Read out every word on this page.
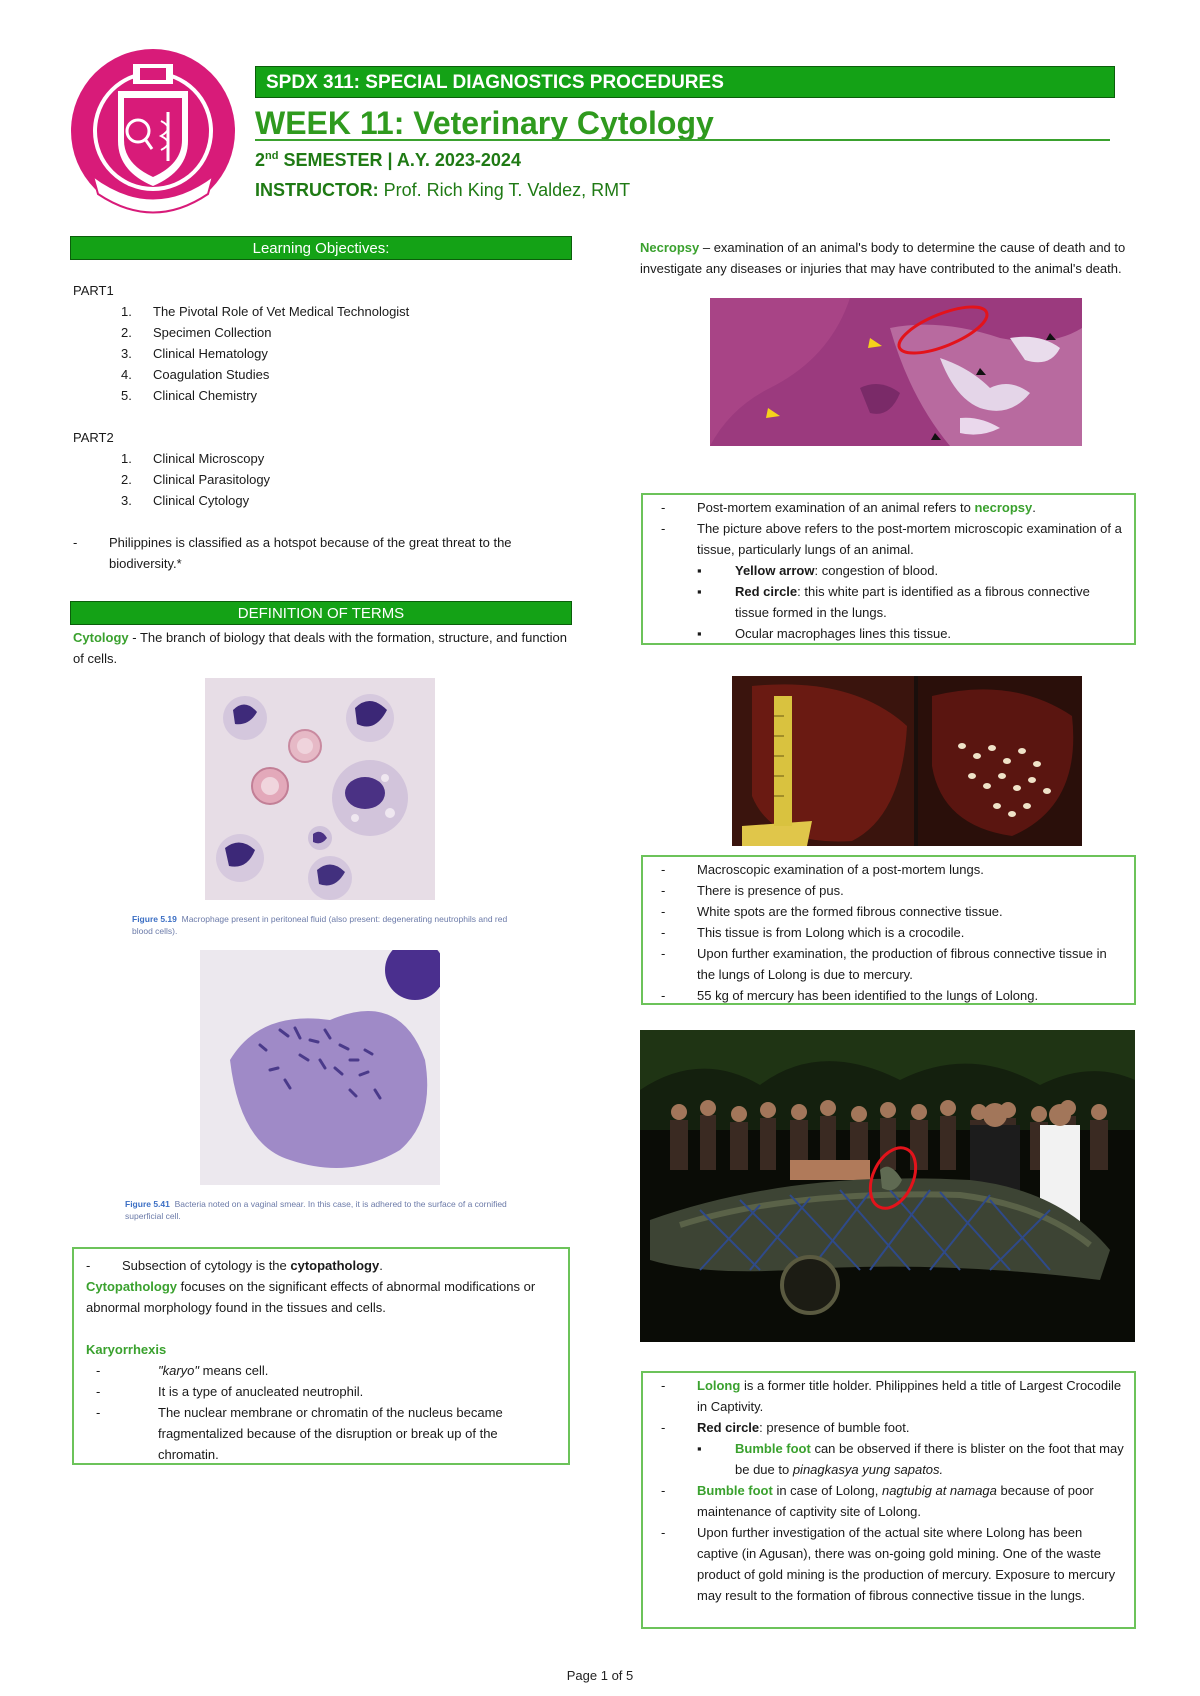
SPDX 311: SPECIAL DIAGNOSTICS PROCEDURES
WEEK 11: Veterinary Cytology
2nd SEMESTER | A.Y. 2023-2024
INSTRUCTOR: Prof. Rich King T. Valdez, RMT
Learning Objectives:
PART1
1. The Pivotal Role of Vet Medical Technologist
2. Specimen Collection
3. Clinical Hematology
4. Coagulation Studies
5. Clinical Chemistry
PART2
1. Clinical Microscopy
2. Clinical Parasitology
3. Clinical Cytology
- Philippines is classified as a hotspot because of the great threat to the biodiversity.*
DEFINITION OF TERMS
Cytology - The branch of biology that deals with the formation, structure, and function of cells.
Figure 5.19 Macrophage present in peritoneal fluid (also present: degenerating neutrophils and red blood cells).
Figure 5.41 Bacteria noted on a vaginal smear. In this case, it is adhered to the surface of a cornified superficial cell.
- Subsection of cytology is the cytopathology.
Cytopathology focuses on the significant effects of abnormal modifications or abnormal morphology found in the tissues and cells.
Karyorrhexis
- "karyo" means cell.
- It is a type of anucleated neutrophil.
- The nuclear membrane or chromatin of the nucleus became fragmentalized because of the disruption or break up of the chromatin.
Necropsy – examination of an animal's body to determine the cause of death and to investigate any diseases or injuries that may have contributed to the animal's death.
- Post-mortem examination of an animal refers to necropsy.
- The picture above refers to the post-mortem microscopic examination of a tissue, particularly lungs of an animal.
▪ Yellow arrow: congestion of blood.
▪ Red circle: this white part is identified as a fibrous connective tissue formed in the lungs.
▪ Ocular macrophages lines this tissue.
- Macroscopic examination of a post-mortem lungs.
- There is presence of pus.
- White spots are the formed fibrous connective tissue.
- This tissue is from Lolong which is a crocodile.
- Upon further examination, the production of fibrous connective tissue in the lungs of Lolong is due to mercury.
- 55 kg of mercury has been identified to the lungs of Lolong.
- Lolong is a former title holder. Philippines held a title of Largest Crocodile in Captivity.
- Red circle: presence of bumble foot.
▪ Bumble foot can be observed if there is blister on the foot that may be due to pinagkasya yung sapatos.
- Bumble foot in case of Lolong, nagtubig at namaga because of poor maintenance of captivity site of Lolong.
- Upon further investigation of the actual site where Lolong has been captive (in Agusan), there was on-going gold mining. One of the waste product of gold mining is the production of mercury. Exposure to mercury may result to the formation of fibrous connective tissue in the lungs.
Page 1 of 5
